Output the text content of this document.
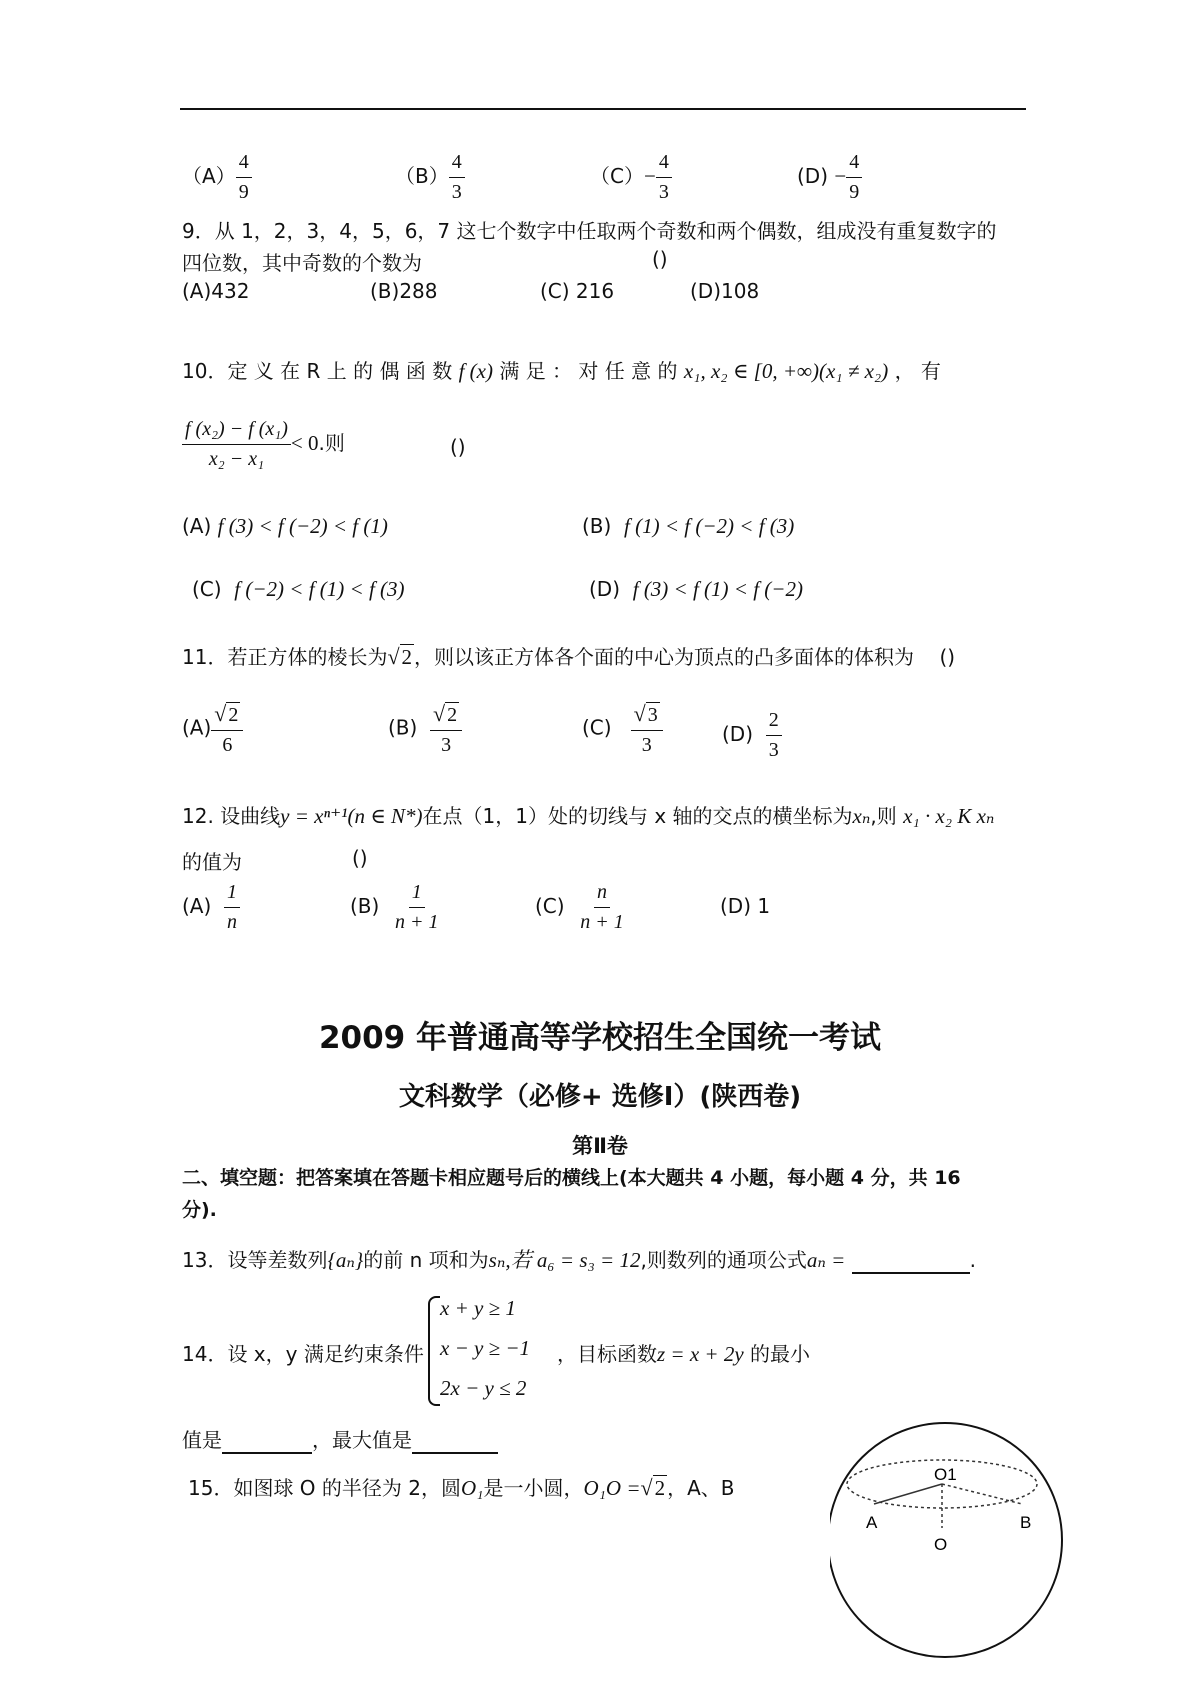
$(A) \frac{4}{9}$	$(B) \frac{4}{3}$	$(C)- \frac{4}{3}$	$(D) - \frac{4}{9}$
9．从 1，2，3，4，5，6，7 这七个数字中任取两个奇数和两个偶数，组成没有重复数字的
四位数，其中奇数的个数为	()
(A)432	(B)288	(C) 216	(D)108
10．定 义 在 R 上 的 偶 函 数 f (x) 满 足 ： 对 任 意 的 x₁, x₂ ∈ [0, +∞)(x₁ ≠ x₂) ， 有
$\frac{\text{f (x₂) − f (x₁)}}{\text{x₂ − x₁}} < 0$.则	()
(A) f (3) < f (−2) < f (1)	(B) f (1) < f (−2) < f (3)
(C) f (−2) < f (1) < f (3)	(D) f (3) < f (1) < f (−2)
11．若正方体的棱长为 √ 2 ，则以该正方体各个面的中心为顶点的凸多面体的体积为 ()
$(A) \frac{√ 2}{6}$	$(B) \frac{√ 2}{3}$	$(C) \frac{√ 3}{3}$	$(D) \frac{2}{3}$
12. 设曲线y = xⁿ⁺¹(n ∈ N*)在点（1，1）处的切线与 x 轴的交点的横坐标为xₙ,则 x₁ · x₂ K xₙ
的值为	()
$(A) \frac{1}{n}$	$(B) \frac{1}{n + 1}$	$(C) \frac{n}{n + 1}$	(D) 1
2009 年普通高等学校招生全国统一考试
文科数学（必修+ 选修Ⅰ）(陕西卷)
第Ⅱ卷
二、填空题：把答案填在答题卡相应题号后的横线上(本大题共 4 小题，每小题 4 分，共 16
分).
13．设等差数列{aₙ}的前 n 项和为sₙ,若 a₆ = s₃ = 12,则数列的通项公式aₙ =	.
14．设 x，y 满足约束条件
x + y ≥ 1
x − y ≥ −1
2x − y ≤ 2
，目标函数z = x + 2y 的最小
值是	，最大值是
15．如图球 O 的半径为 2，圆O₁是一小圆，O₁O = √ 2 ，A、B
O1
A	B
O
